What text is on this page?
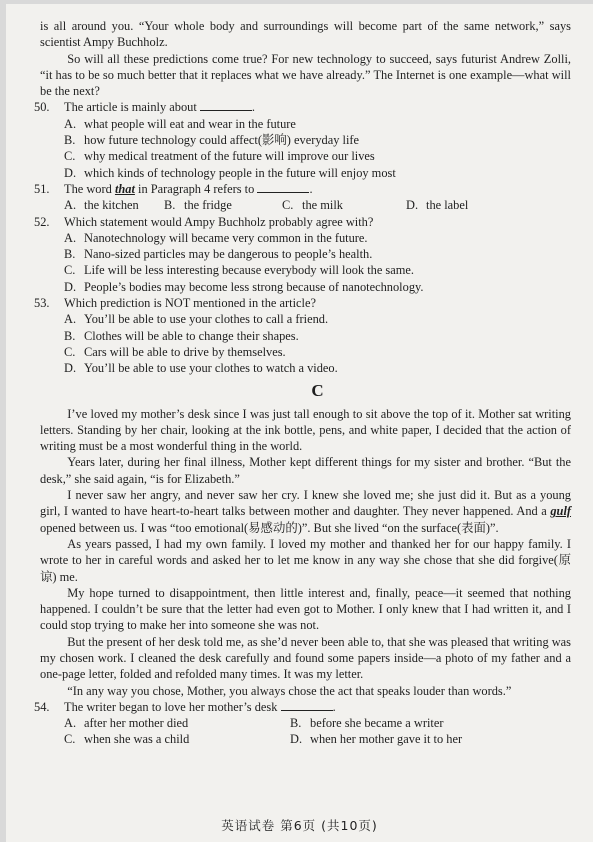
is all around you. “Your whole body and surroundings will become part of the same network,” says scientist Ampy Buchholz.

So will all these predictions come true? For new technology to succeed, says futurist Andrew Zolli, “it has to be so much better that it replaces what we have already.” The Internet is one example—what will be the next?

50.	The article is mainly about	.
A. what people will eat and wear in the future
B. how future technology could affect(影响) everyday life
C. why medical treatment of the future will improve our lives
D. which kinds of technology people in the future will enjoy most
51.	The word that in Paragraph 4 refers to	.
A. the kitchen B. the fridge	C. the milk	D. the label
52.	Which statement would Ampy Buchholz probably agree with?
A. Nanotechnology will became very common in the future.
B. Nano-sized particles may be dangerous to people’s health.
C. Life will be less interesting because everybody will look the same.
D. People’s bodies may become less strong because of nanotechnology.
53.	Which prediction is NOT mentioned in the article?
A. You’ll be able to use your clothes to call a friend.
B. Clothes will be able to change their shapes.
C. Cars will be able to drive by themselves.
D. You’ll be able to use your clothes to watch a video.
C

I’ve loved my mother’s desk since I was just tall enough to sit above the top of it. Mother sat writing letters. Standing by her chair, looking at the ink bottle, pens, and white paper, I decided that the action of writing must be a most wonderful thing in the world.

Years later, during her final illness, Mother kept different things for my sister and brother. “But the desk,” she said again, “is for Elizabeth.”

I never saw her angry, and never saw her cry. I knew she loved me; she just did it. But as a young girl, I wanted to have heart-to-heart talks between mother and daughter. They never happened. And a gulf opened between us. I was “too emotional(易感动的)”. But she lived “on the surface(表面)”.

As years passed, I had my own family. I loved my mother and thanked her for our happy family. I wrote to her in careful words and asked her to let me know in any way she chose that she did forgive(原谅) me.

My hope turned to disappointment, then little interest and, finally, peace—it seemed that nothing happened. I couldn’t be sure that the letter had even got to Mother. I only knew that I had written it, and I could stop trying to make her into someone she was not.

But the present of her desk told me, as she’d never been able to, that she was pleased that writing was my chosen work. I cleaned the desk carefully and found some papers inside—a photo of my father and a one-page letter, folded and refolded many times. It was my letter.

“In any way you chose, Mother, you always chose the act that speaks louder than words.”

54.	The writer began to love her mother’s desk	.
A. after her mother died	B. before she became a writer
C. when she was a child	D. when her mother gave it to her
英语试卷 第6页 (共10页)
